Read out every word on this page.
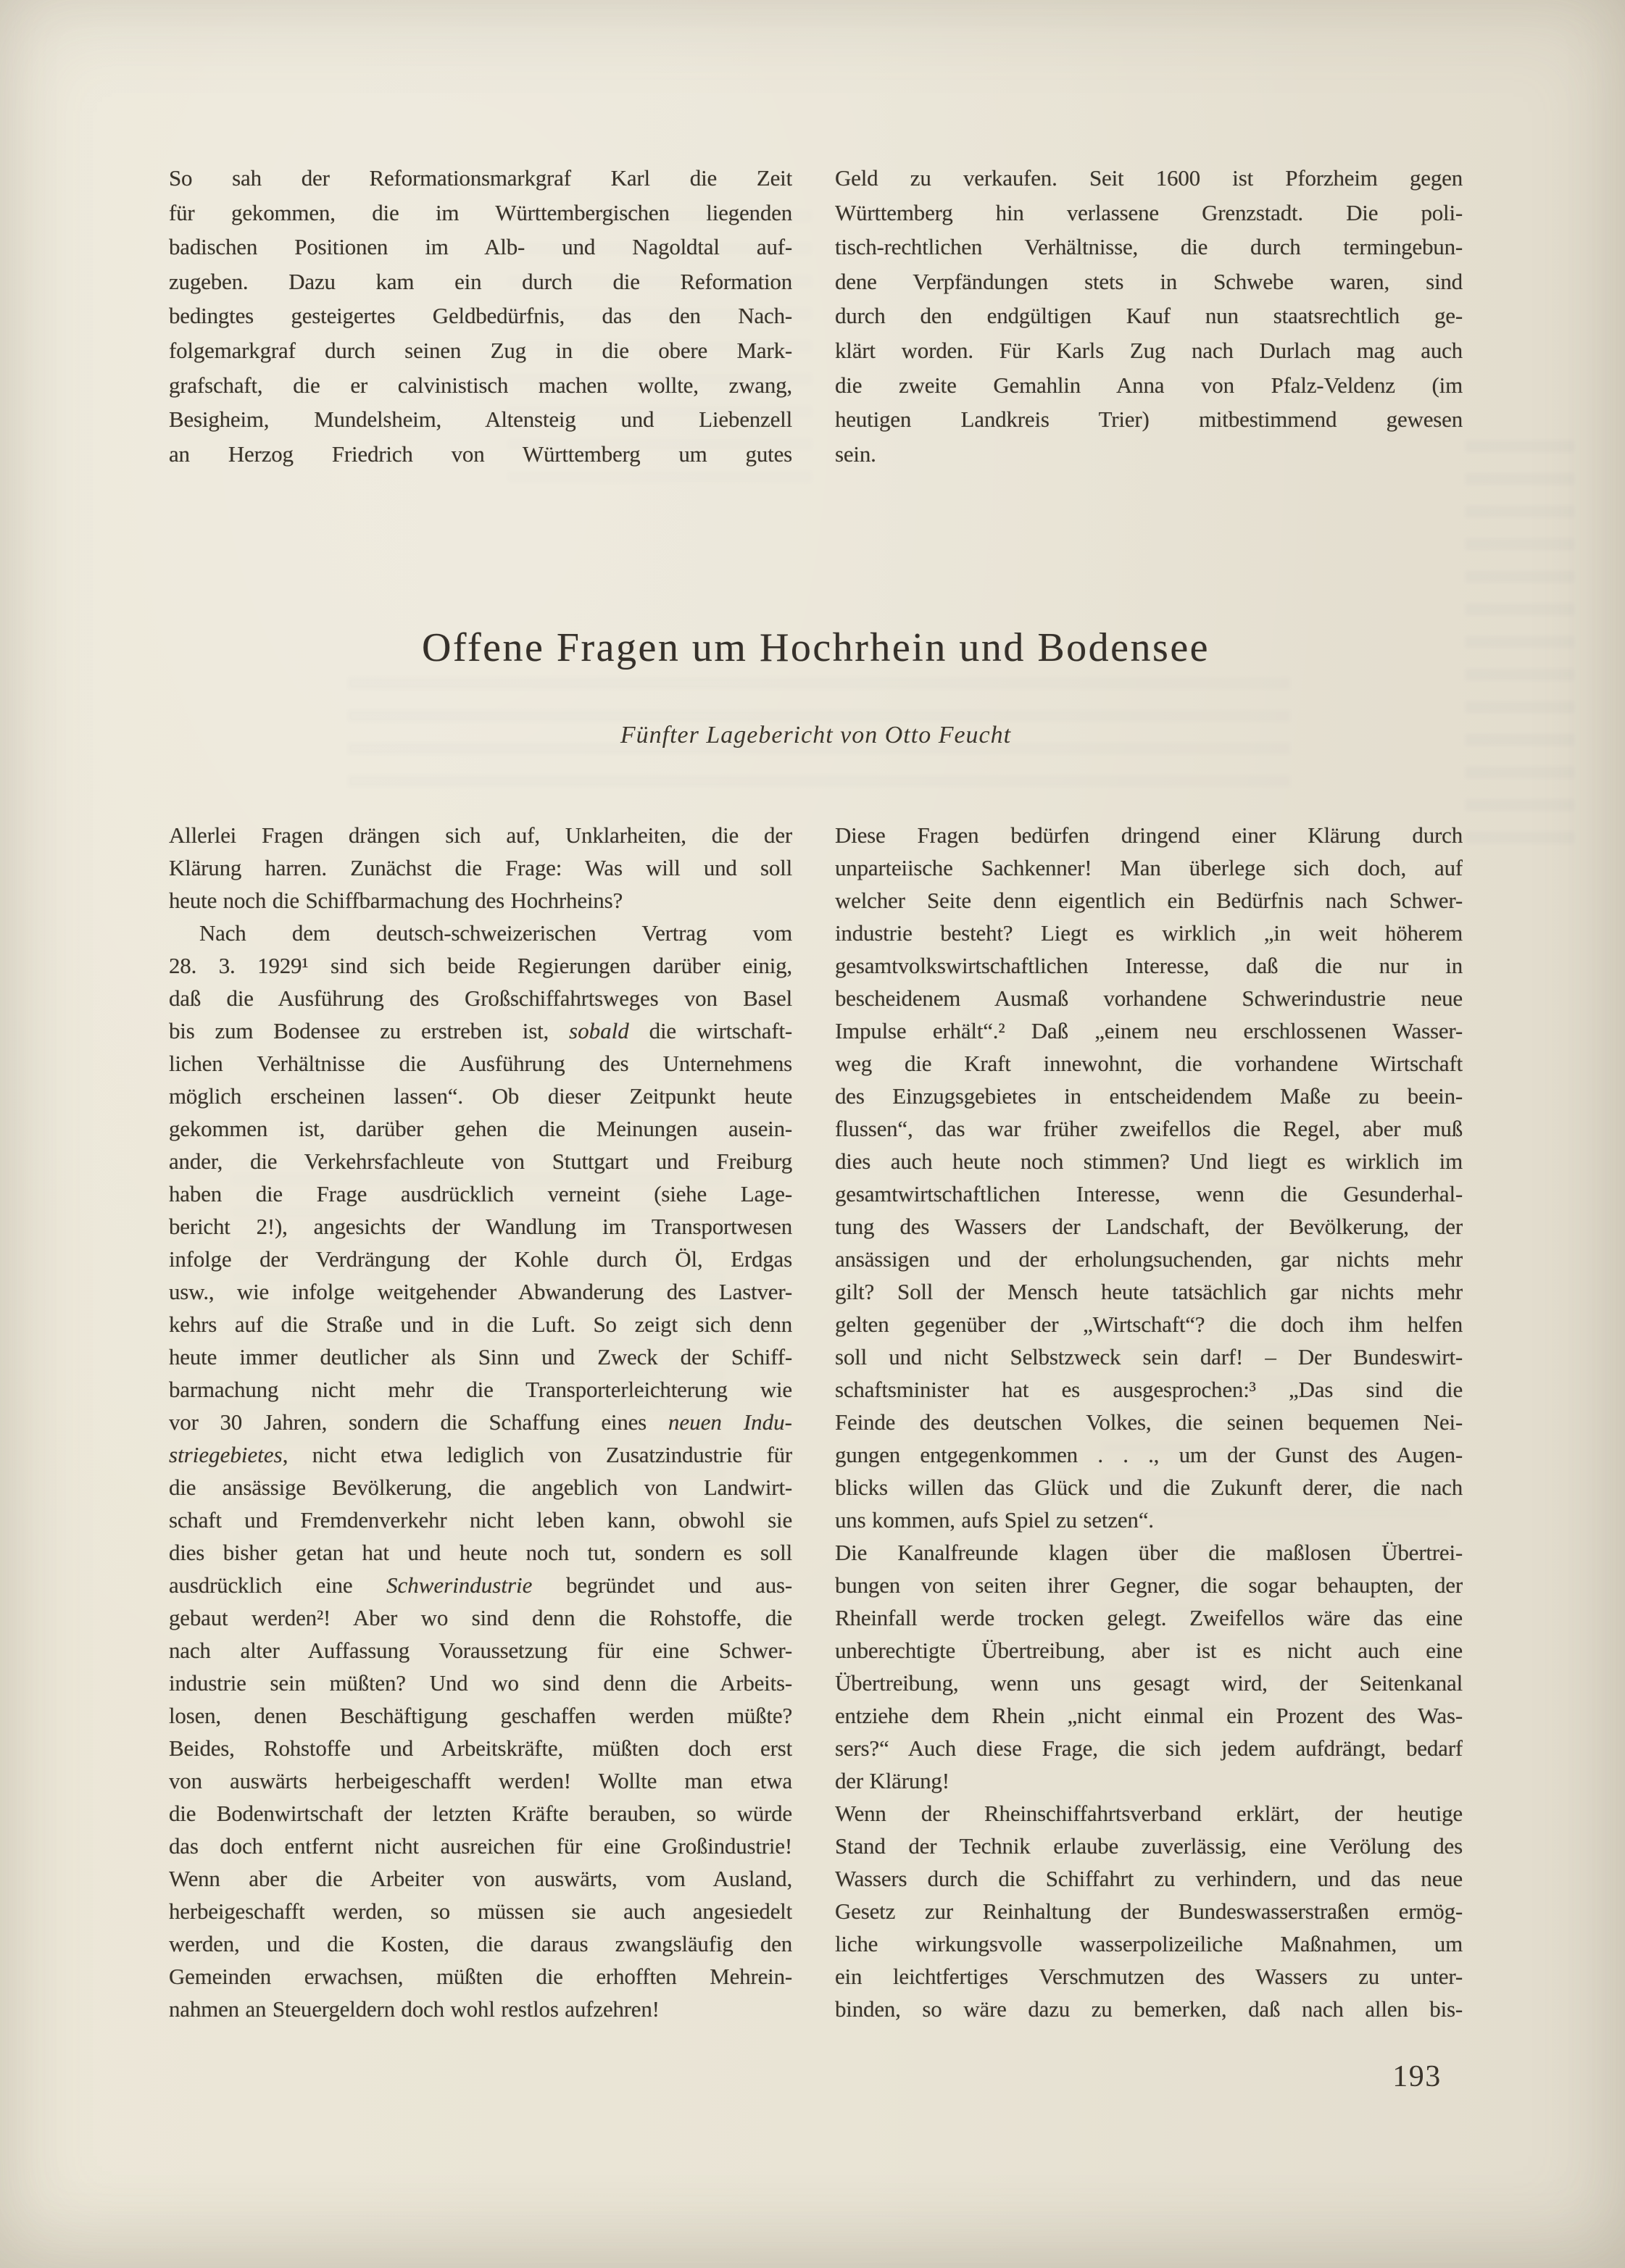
So sah der Reformationsmarkgraf Karl die Zeit
für gekommen, die im Württembergischen liegenden
badischen Positionen im Alb- und Nagoldtal auf-
zugeben. Dazu kam ein durch die Reformation
bedingtes gesteigertes Geldbedürfnis, das den Nach-
folgemarkgraf durch seinen Zug in die obere Mark-
grafschaft, die er calvinistisch machen wollte, zwang,
Besigheim, Mundelsheim, Altensteig und Liebenzell
an Herzog Friedrich von Württemberg um gutes
Geld zu verkaufen. Seit 1600 ist Pforzheim gegen
Württemberg hin verlassene Grenzstadt. Die poli-
tisch-rechtlichen Verhältnisse, die durch termingebun-
dene Verpfändungen stets in Schwebe waren, sind
durch den endgültigen Kauf nun staatsrechtlich ge-
klärt worden. Für Karls Zug nach Durlach mag auch
die zweite Gemahlin Anna von Pfalz-Veldenz (im
heutigen Landkreis Trier) mitbestimmend gewesen
sein.
Offene Fragen um Hochrhein und Bodensee
Fünfter Lagebericht von Otto Feucht
Allerlei Fragen drängen sich auf, Unklarheiten, die der
Klärung harren. Zunächst die Frage: Was will und soll
heute noch die Schiffbarmachung des Hochrheins?
Nach dem deutsch-schweizerischen Vertrag vom
28. 3. 1929¹ sind sich beide Regierungen darüber einig,
daß die Ausführung des Großschiffahrtsweges von Basel
bis zum Bodensee zu erstreben ist, sobald die wirtschaft-
lichen Verhältnisse die Ausführung des Unternehmens
möglich erscheinen lassen“. Ob dieser Zeitpunkt heute
gekommen ist, darüber gehen die Meinungen ausein-
ander, die Verkehrsfachleute von Stuttgart und Freiburg
haben die Frage ausdrücklich verneint (siehe Lage-
bericht 2!), angesichts der Wandlung im Transportwesen
infolge der Verdrängung der Kohle durch Öl, Erdgas
usw., wie infolge weitgehender Abwanderung des Lastver-
kehrs auf die Straße und in die Luft. So zeigt sich denn
heute immer deutlicher als Sinn und Zweck der Schiff-
barmachung nicht mehr die Transporterleichterung wie
vor 30 Jahren, sondern die Schaffung eines neuen Indu-
striegebietes, nicht etwa lediglich von Zusatzindustrie für
die ansässige Bevölkerung, die angeblich von Landwirt-
schaft und Fremdenverkehr nicht leben kann, obwohl sie
dies bisher getan hat und heute noch tut, sondern es soll
ausdrücklich eine Schwerindustrie begründet und aus-
gebaut werden²! Aber wo sind denn die Rohstoffe, die
nach alter Auffassung Voraussetzung für eine Schwer-
industrie sein müßten? Und wo sind denn die Arbeits-
losen, denen Beschäftigung geschaffen werden müßte?
Beides, Rohstoffe und Arbeitskräfte, müßten doch erst
von auswärts herbeigeschafft werden! Wollte man etwa
die Bodenwirtschaft der letzten Kräfte berauben, so würde
das doch entfernt nicht ausreichen für eine Großindustrie!
Wenn aber die Arbeiter von auswärts, vom Ausland,
herbeigeschafft werden, so müssen sie auch angesiedelt
werden, und die Kosten, die daraus zwangsläufig den
Gemeinden erwachsen, müßten die erhofften Mehrein-
nahmen an Steuergeldern doch wohl restlos aufzehren!
Diese Fragen bedürfen dringend einer Klärung durch
unparteiische Sachkenner! Man überlege sich doch, auf
welcher Seite denn eigentlich ein Bedürfnis nach Schwer-
industrie besteht? Liegt es wirklich „in weit höherem
gesamtvolkswirtschaftlichen Interesse, daß die nur in
bescheidenem Ausmaß vorhandene Schwerindustrie neue
Impulse erhält“.² Daß „einem neu erschlossenen Wasser-
weg die Kraft innewohnt, die vorhandene Wirtschaft
des Einzugsgebietes in entscheidendem Maße zu beein-
flussen“, das war früher zweifellos die Regel, aber muß
dies auch heute noch stimmen? Und liegt es wirklich im
gesamtwirtschaftlichen Interesse, wenn die Gesunderhal-
tung des Wassers der Landschaft, der Bevölkerung, der
ansässigen und der erholungsuchenden, gar nichts mehr
gilt? Soll der Mensch heute tatsächlich gar nichts mehr
gelten gegenüber der „Wirtschaft“? die doch ihm helfen
soll und nicht Selbstzweck sein darf! – Der Bundeswirt-
schaftsminister hat es ausgesprochen:³ „Das sind die
Feinde des deutschen Volkes, die seinen bequemen Nei-
gungen entgegenkommen . . ., um der Gunst des Augen-
blicks willen das Glück und die Zukunft derer, die nach
uns kommen, aufs Spiel zu setzen“.
Die Kanalfreunde klagen über die maßlosen Übertrei-
bungen von seiten ihrer Gegner, die sogar behaupten, der
Rheinfall werde trocken gelegt. Zweifellos wäre das eine
unberechtigte Übertreibung, aber ist es nicht auch eine
Übertreibung, wenn uns gesagt wird, der Seitenkanal
entziehe dem Rhein „nicht einmal ein Prozent des Was-
sers?“ Auch diese Frage, die sich jedem aufdrängt, bedarf
der Klärung!
Wenn der Rheinschiffahrtsverband erklärt, der heutige
Stand der Technik erlaube zuverlässig, eine Verölung des
Wassers durch die Schiffahrt zu verhindern, und das neue
Gesetz zur Reinhaltung der Bundeswasserstraßen ermög-
liche wirkungsvolle wasserpolizeiliche Maßnahmen, um
ein leichtfertiges Verschmutzen des Wassers zu unter-
binden, so wäre dazu zu bemerken, daß nach allen bis-
193
